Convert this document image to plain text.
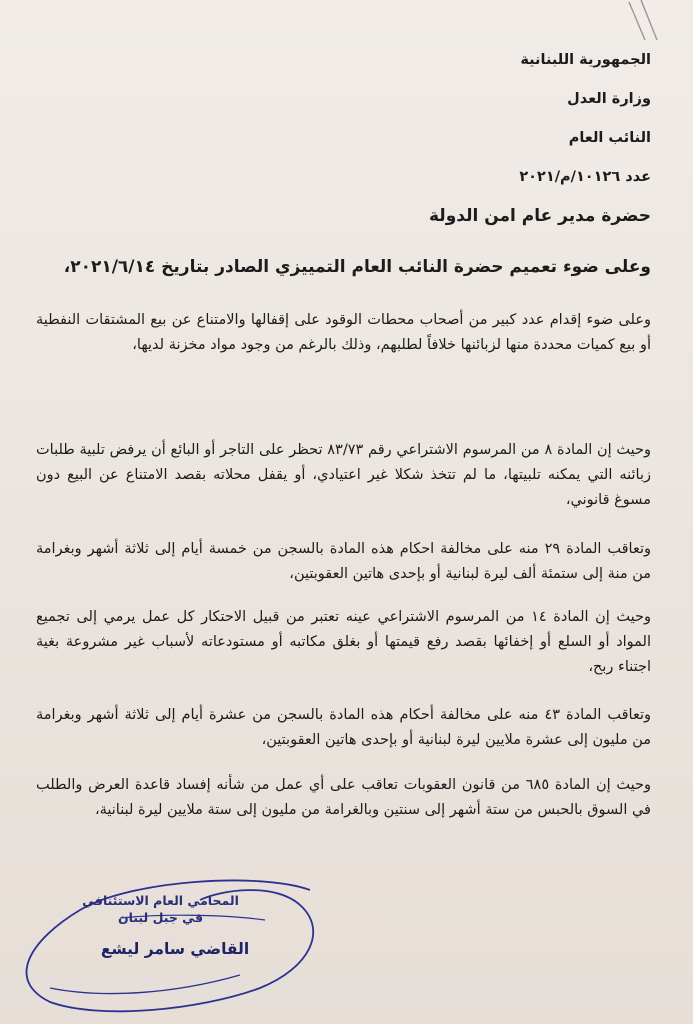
الجمهورية اللبنانية
وزارة العدل
النائب العام
عدد ١٠١٢٦/م/٢٠٢١
حضرة مدير عام امن الدولة
وعلى ضوء تعميم حضرة النائب العام التمييزي الصادر بتاريخ ٢٠٢١/٦/١٤،
وعلى ضوء إقدام عدد كبير من أصحاب محطات الوقود على إقفالها والامتناع عن بيع المشتقات النفطية أو بيع كميات محددة منها لزبائنها خلافاً لطلبهم، وذلك بالرغم من وجود مواد مخزنة لديها،
وحيث إن المادة ٨ من المرسوم الاشتراعي رقم ٨٣/٧٣ تحظر على التاجر أو البائع أن يرفض تلبية طلبات زبائنه التي يمكنه تلبيتها، ما لم تتخذ شكلا غير اعتيادي، أو يقفل محلاته بقصد الامتناع عن البيع دون مسوغ قانوني،
وتعاقب المادة ٢٩ منه على مخالفة احكام هذه المادة بالسجن من خمسة أيام إلى ثلاثة أشهر وبغرامة من منة إلى ستمئة ألف ليرة لبنانية أو بإحدى هاتين العقوبتين،
وحيث إن المادة ١٤ من المرسوم الاشتراعي عينه تعتبر من قبيل الاحتكار كل عمل يرمي إلى تجميع المواد أو السلع أو إخفائها بقصد رفع قيمتها أو بغلق مكاتبه أو مستودعاته لأسباب غير مشروعة بغية اجتناء ربح،
وتعاقب المادة ٤٣ منه على مخالفة أحكام هذه المادة بالسجن من عشرة أيام إلى ثلاثة أشهر وبغرامة من مليون إلى عشرة ملايين ليرة لبنانية أو بإحدى هاتين العقوبتين،
وحيث إن المادة ٦٨٥ من قانون العقوبات تعاقب على أي عمل من شأنه إفساد قاعدة العرض والطلب في السوق بالحبس من ستة أشهر إلى سنتين وبالغرامة من مليون إلى ستة ملايين ليرة لبنانية،
المحامي العام الاستئنافي
في جبل لبنان
القاضي سامر ليشع
